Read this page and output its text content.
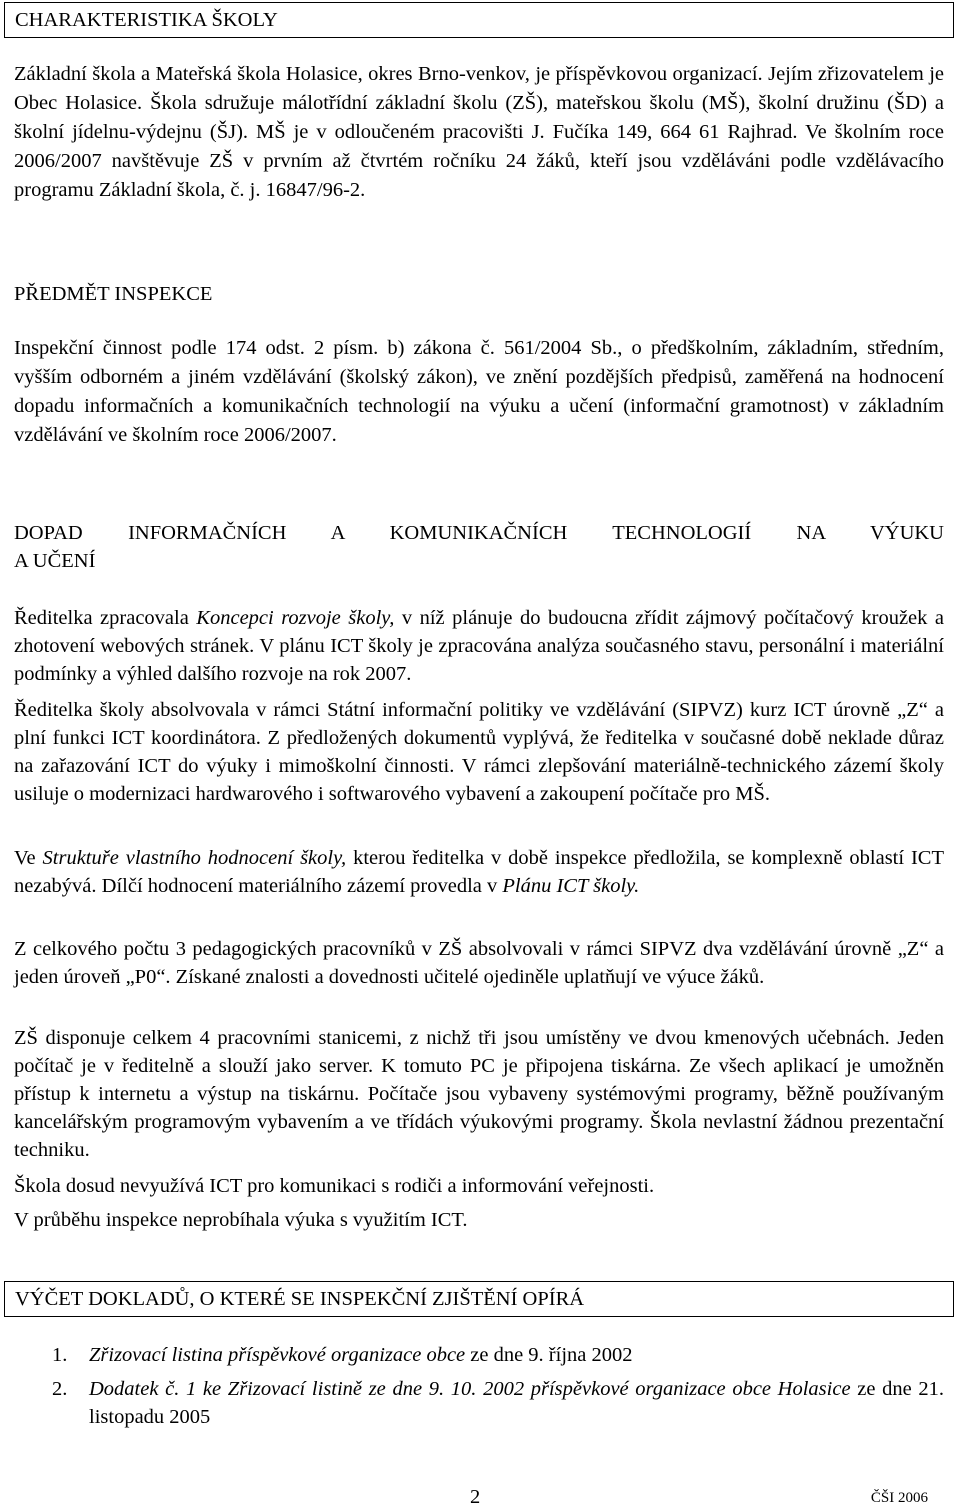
CHARAKTERISTIKA ŠKOLY
Základní škola a Mateřská škola Holasice, okres Brno-venkov, je příspěvkovou organizací. Jejím zřizovatelem je Obec Holasice. Škola sdružuje málotřídní základní školu (ZŠ), mateřskou školu (MŠ), školní družinu (ŠD) a školní jídelnu-výdejnu (ŠJ). MŠ je v odloučeném pracovišti J. Fučíka 149, 664 61 Rajhrad. Ve školním roce 2006/2007 navštěvuje ZŠ v prvním až čtvrtém ročníku 24 žáků, kteří jsou vzděláváni podle vzdělávacího programu Základní škola, č. j. 16847/96-2.
PŘEDMĚT INSPEKCE
Inspekční činnost podle 174 odst. 2 písm. b) zákona č. 561/2004 Sb., o předškolním, základním, středním, vyšším odborném a jiném vzdělávání (školský zákon), ve znění pozdějších předpisů, zaměřená na hodnocení dopadu informačních a komunikačních technologií na výuku a učení (informační gramotnost) v základním vzdělávání ve školním roce 2006/2007.
DOPAD INFORMAČNÍCH A KOMUNIKAČNÍCH TECHNOLOGIÍ NA VÝUKU
A UČENÍ
Ředitelka zpracovala Koncepci rozvoje školy, v níž plánuje do budoucna zřídit zájmový počítačový kroužek a zhotovení webových stránek. V plánu ICT školy je zpracována analýza současného stavu, personální i materiální podmínky a výhled dalšího rozvoje na rok 2007.
Ředitelka školy absolvovala v rámci Státní informační politiky ve vzdělávání (SIPVZ) kurz ICT úrovně „Z“ a plní funkci ICT koordinátora. Z předložených dokumentů vyplývá, že ředitelka v současné době neklade důraz na zařazování ICT do výuky i mimoškolní činnosti. V rámci zlepšování materiálně-technického zázemí školy usiluje o modernizaci hardwarového i softwarového vybavení a zakoupení počítače pro MŠ.
Ve Struktuře vlastního hodnocení školy, kterou ředitelka v době inspekce předložila, se komplexně oblastí ICT nezabývá. Dílčí hodnocení materiálního zázemí provedla v Plánu ICT školy.
Z celkového počtu 3 pedagogických pracovníků v ZŠ absolvovali v rámci SIPVZ dva vzdělávání úrovně „Z“ a jeden úroveň „P0“. Získané znalosti a dovednosti učitelé ojediněle uplatňují ve výuce žáků.
ZŠ disponuje celkem 4 pracovními stanicemi, z nichž tři jsou umístěny ve dvou kmenových učebnách. Jeden počítač je v ředitelně a slouží jako server. K tomuto PC je připojena tiskárna. Ze všech aplikací je umožněn přístup k internetu a výstup na tiskárnu. Počítače jsou vybaveny systémovými programy, běžně používaným kancelářským programovým vybavením a ve třídách výukovými programy. Škola nevlastní žádnou prezentační techniku.
Škola dosud nevyužívá ICT pro komunikaci s rodiči a informování veřejnosti.
V průběhu inspekce neprobíhala výuka s využitím ICT.
VÝČET DOKLADŮ, O KTERÉ SE INSPEKČNÍ ZJIŠTĚNÍ OPÍRÁ
1.	Zřizovací listina příspěvkové organizace obce ze dne 9. října 2002
2.	Dodatek č. 1 ke Zřizovací listině ze dne 9. 10. 2002 příspěvkové organizace obce Holasice ze dne 21. listopadu 2005
2	ČŠI 2006
